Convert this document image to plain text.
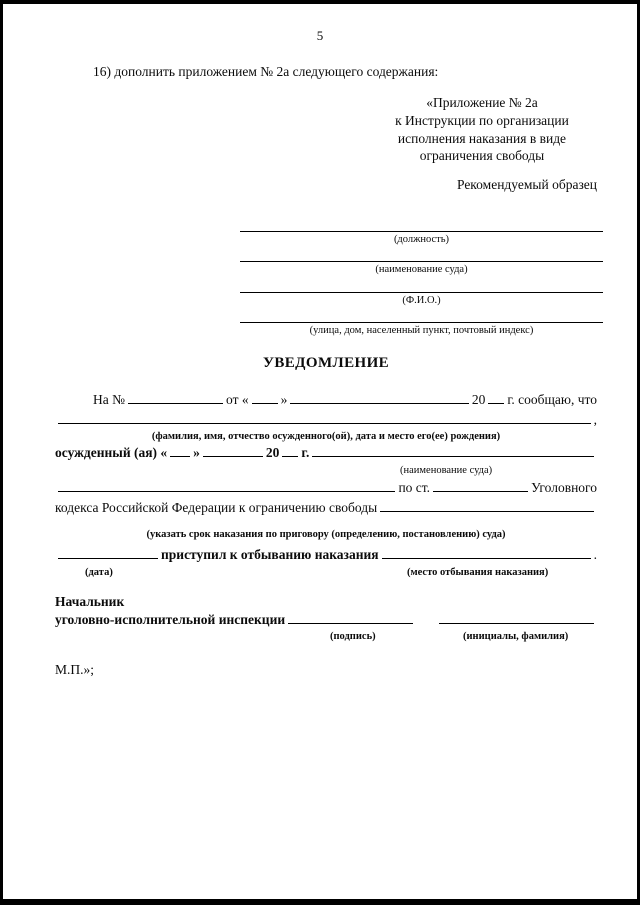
5
16) дополнить приложением № 2а следующего содержания:
«Приложение № 2а
к Инструкции по организации
исполнения наказания в виде
ограничения свободы
Рекомендуемый образец
(должность)
(наименование суда)
(Ф.И.О.)
(улица, дом, населенный пункт, почтовый индекс)
УВЕДОМЛЕНИЕ
На №	от « »	20 г. сообщаю, что
,
(фамилия, имя, отчество осужденного(ой), дата и место его(ее) рождения)
осужденный (ая) « »	20 г.
(наименование суда)
по ст.	Уголовного
кодекса Российской Федерации к ограничению свободы
(указать срок наказания по приговору (определению, постановлению) суда)
приступил к отбыванию наказания	.
(дата)	(место отбывания наказания)
Начальник
уголовно-исполнительной инспекции
(подпись)	(инициалы, фамилия)
М.П.»;
